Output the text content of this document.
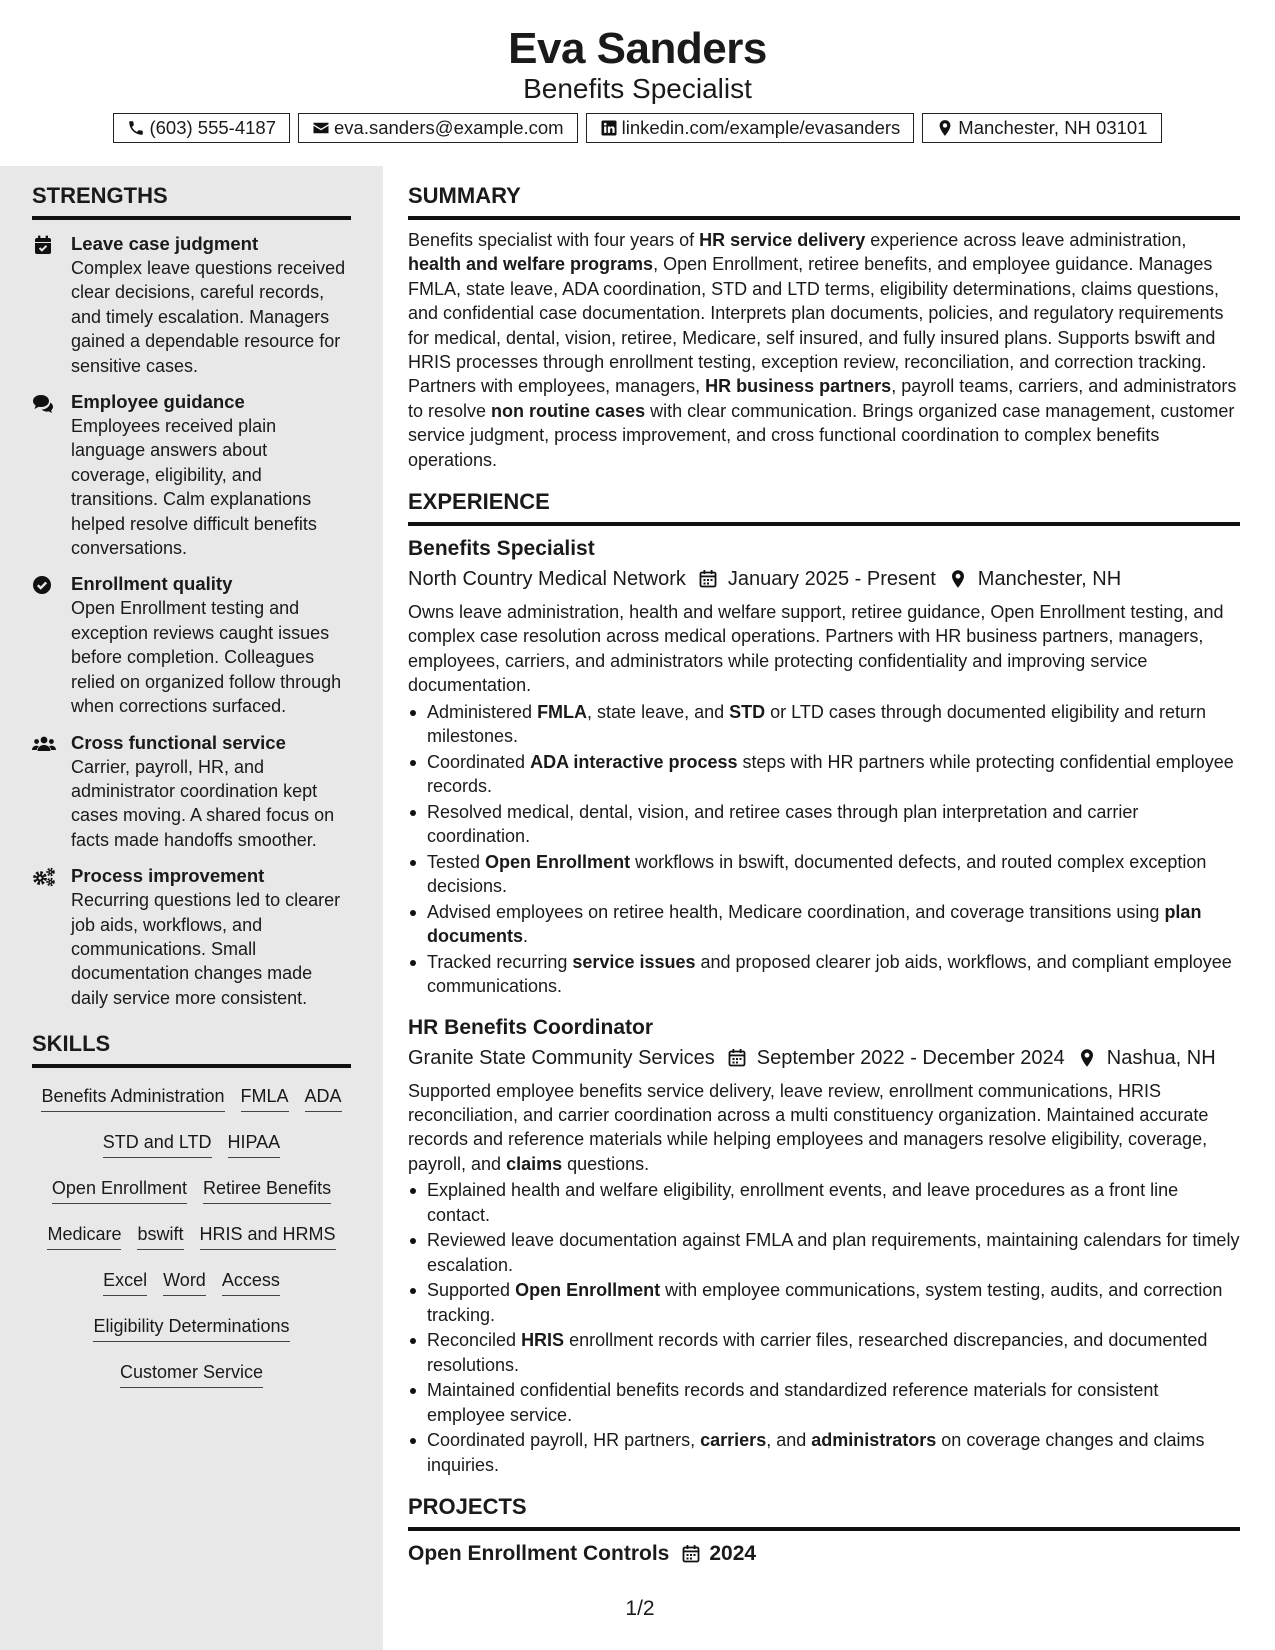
Eva Sanders
Benefits Specialist
(603) 555-4187	eva.sanders@example.com	linkedin.com/example/evasanders	Manchester, NH 03101
STRENGTHS
Leave case judgment
Complex leave questions received clear decisions, careful records, and timely escalation. Managers gained a dependable resource for sensitive cases.
Employee guidance
Employees received plain language answers about coverage, eligibility, and transitions. Calm explanations helped resolve difficult benefits conversations.
Enrollment quality
Open Enrollment testing and exception reviews caught issues before completion. Colleagues relied on organized follow through when corrections surfaced.
Cross functional service
Carrier, payroll, HR, and administrator coordination kept cases moving. A shared focus on facts made handoffs smoother.
Process improvement
Recurring questions led to clearer job aids, workflows, and communications. Small documentation changes made daily service more consistent.
SKILLS
Benefits Administration FMLA ADA
STD and LTD HIPAA
Open Enrollment Retiree Benefits
Medicare bswift HRIS and HRMS
Excel Word Access
Eligibility Determinations
Customer Service
SUMMARY
Benefits specialist with four years of HR service delivery experience across leave administration, health and welfare programs, Open Enrollment, retiree benefits, and employee guidance. Manages FMLA, state leave, ADA coordination, STD and LTD terms, eligibility determinations, claims questions, and confidential case documentation. Interprets plan documents, policies, and regulatory requirements for medical, dental, vision, retiree, Medicare, self insured, and fully insured plans. Supports bswift and HRIS processes through enrollment testing, exception review, reconciliation, and correction tracking. Partners with employees, managers, HR business partners, payroll teams, carriers, and administrators to resolve non routine cases with clear communication. Brings organized case management, customer service judgment, process improvement, and cross functional coordination to complex benefits operations.
EXPERIENCE
Benefits Specialist
North Country Medical Network January 2025 - Present Manchester, NH
Owns leave administration, health and welfare support, retiree guidance, Open Enrollment testing, and complex case resolution across medical operations. Partners with HR business partners, managers, employees, carriers, and administrators while protecting confidentiality and improving service documentation.
Administered FMLA, state leave, and STD or LTD cases through documented eligibility and return milestones.
Coordinated ADA interactive process steps with HR partners while protecting confidential employee records.
Resolved medical, dental, vision, and retiree cases through plan interpretation and carrier coordination.
Tested Open Enrollment workflows in bswift, documented defects, and routed complex exception decisions.
Advised employees on retiree health, Medicare coordination, and coverage transitions using plan documents.
Tracked recurring service issues and proposed clearer job aids, workflows, and compliant employee communications.
HR Benefits Coordinator
Granite State Community Services September 2022 - December 2024 Nashua, NH
Supported employee benefits service delivery, leave review, enrollment communications, HRIS reconciliation, and carrier coordination across a multi constituency organization. Maintained accurate records and reference materials while helping employees and managers resolve eligibility, coverage, payroll, and claims questions.
Explained health and welfare eligibility, enrollment events, and leave procedures as a front line contact.
Reviewed leave documentation against FMLA and plan requirements, maintaining calendars for timely escalation.
Supported Open Enrollment with employee communications, system testing, audits, and correction tracking.
Reconciled HRIS enrollment records with carrier files, researched discrepancies, and documented resolutions.
Maintained confidential benefits records and standardized reference materials for consistent employee service.
Coordinated payroll, HR partners, carriers, and administrators on coverage changes and claims inquiries.
PROJECTS
Open Enrollment Controls 2024
1/2
